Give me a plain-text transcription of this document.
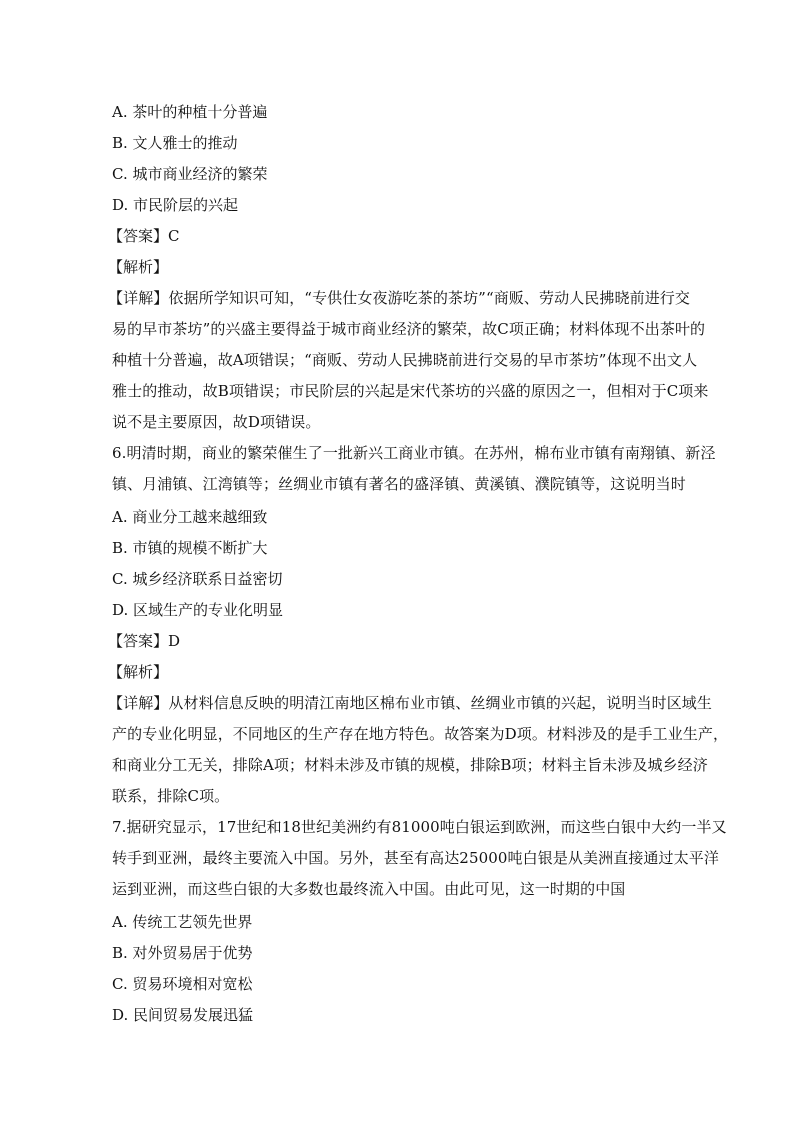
A. 茶叶的种植十分普遍
B. 文人雅士的推动
C. 城市商业经济的繁荣
D. 市民阶层的兴起
【答案】C
【解析】
【详解】依据所学知识可知，“专供仕女夜游吃茶的茶坊”“商贩、劳动人民拂晓前进行交
易的早市茶坊”的兴盛主要得益于城市商业经济的繁荣，故C项正确；材料体现不出茶叶的
种植十分普遍，故A项错误；“商贩、劳动人民拂晓前进行交易的早市茶坊”体现不出文人
雅士的推动，故B项错误；市民阶层的兴起是宋代茶坊的兴盛的原因之一，但相对于C项来
说不是主要原因，故D项错误。
6.明清时期，商业的繁荣催生了一批新兴工商业市镇。在苏州，棉布业市镇有南翔镇、新泾
镇、月浦镇、江湾镇等；丝绸业市镇有著名的盛泽镇、黄溪镇、濮院镇等，这说明当时
A. 商业分工越来越细致
B. 市镇的规模不断扩大
C. 城乡经济联系日益密切
D. 区域生产的专业化明显
【答案】D
【解析】
【详解】从材料信息反映的明清江南地区棉布业市镇、丝绸业市镇的兴起，说明当时区域生
产的专业化明显，不同地区的生产存在地方特色。故答案为D项。材料涉及的是手工业生产，
和商业分工无关，排除A项；材料未涉及市镇的规模，排除B项；材料主旨未涉及城乡经济
联系，排除C项。
7.据研究显示，17世纪和18世纪美洲约有81000吨白银运到欧洲，而这些白银中大约一半又
转手到亚洲，最终主要流入中国。另外，甚至有高达25000吨白银是从美洲直接通过太平洋
运到亚洲，而这些白银的大多数也最终流入中国。由此可见，这一时期的中国
A. 传统工艺领先世界
B. 对外贸易居于优势
C. 贸易环境相对宽松
D. 民间贸易发展迅猛
